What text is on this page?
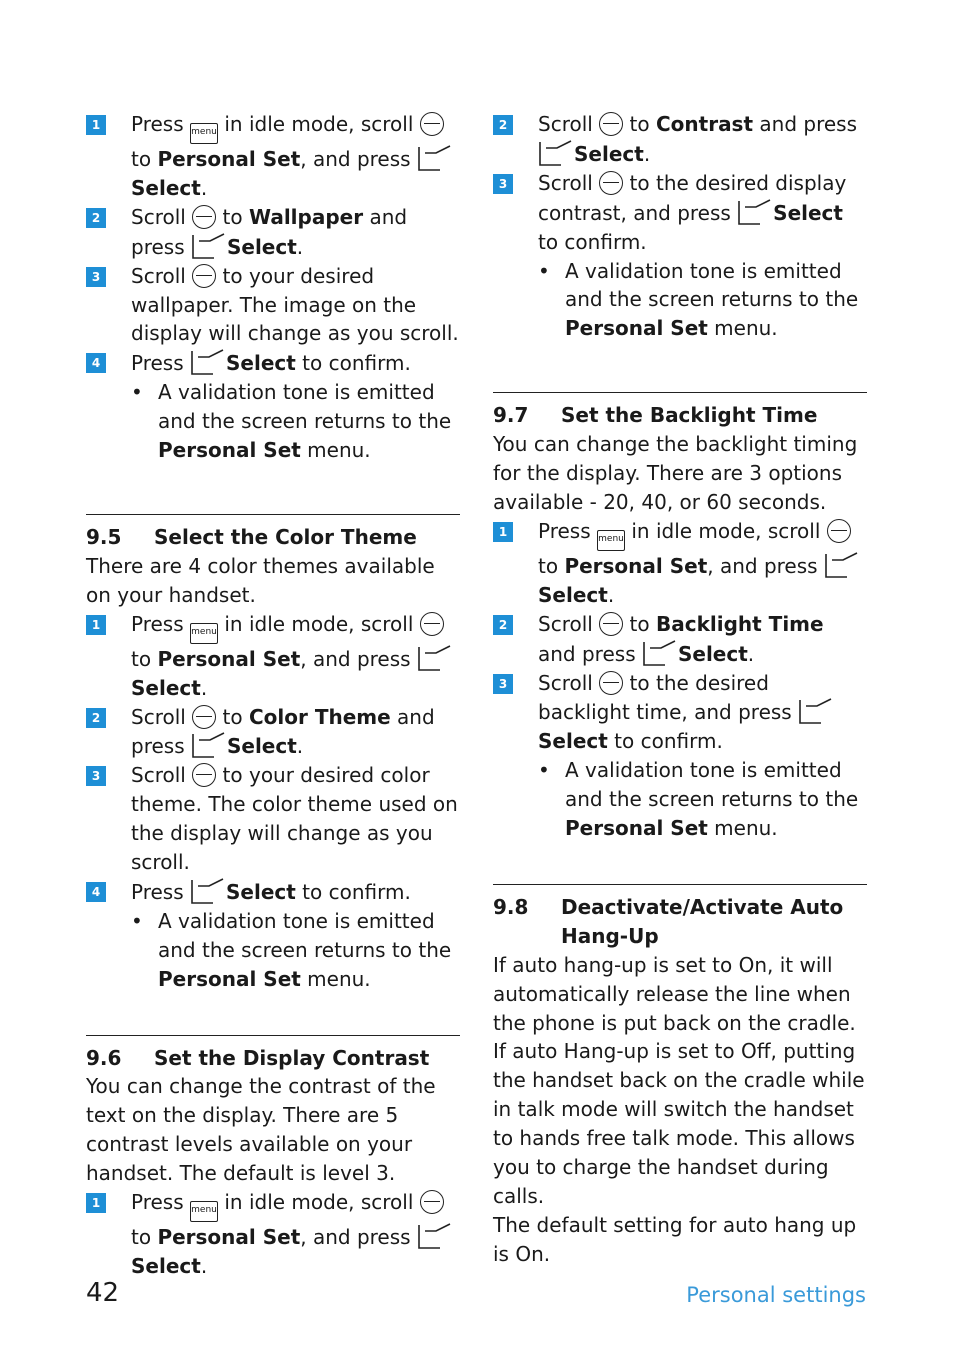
1 Press menu in idle mode, scroll  to Personal Set, and press
Select.
2 Scroll  to Wallpaper and press
Select.
3 Scroll  to your desired wallpaper. The image on the display will change as you scroll.
4 Press
Select to confirm.
• A validation tone is emitted and the screen returns to the Personal Set menu.
9.5	Select the Color Theme
There are 4 color themes available on your handset.
1 Press menu in idle mode, scroll  to Personal Set, and press
Select.
2 Scroll  to Color Theme and press
Select.
3 Scroll  to your desired color theme. The color theme used on the display will change as you scroll.
4 Press
Select to confirm.
• A validation tone is emitted and the screen returns to the Personal Set menu.
9.6	Set the Display Contrast
You can change the contrast of the text on the display. There are 5 contrast levels available on your handset. The default is level 3.
1 Press menu in idle mode, scroll  to Personal Set, and press
Select.
2 Scroll  to Contrast and press
Select.
3 Scroll  to the desired display contrast, and press
Select to confirm.
• A validation tone is emitted and the screen returns to the Personal Set menu.
9.7	Set the Backlight Time
You can change the backlight timing for the display. There are 3 options available - 20, 40, or 60 seconds.
1 Press menu in idle mode, scroll  to Personal Set, and press
Select.
2 Scroll  to Backlight Time and press
Select.
3 Scroll  to the desired backlight time, and press
Select to confirm.
• A validation tone is emitted and the screen returns to the Personal Set menu.
9.8	Deactivate/Activate Auto Hang-Up
If auto hang-up is set to On, it will automatically release the line when the phone is put back on the cradle.
If auto Hang-up is set to Off, putting the handset back on the cradle while in talk mode will switch the handset to hands free talk mode. This allows you to charge the handset during calls.
The default setting for auto hang up is On.
42	Personal settings
